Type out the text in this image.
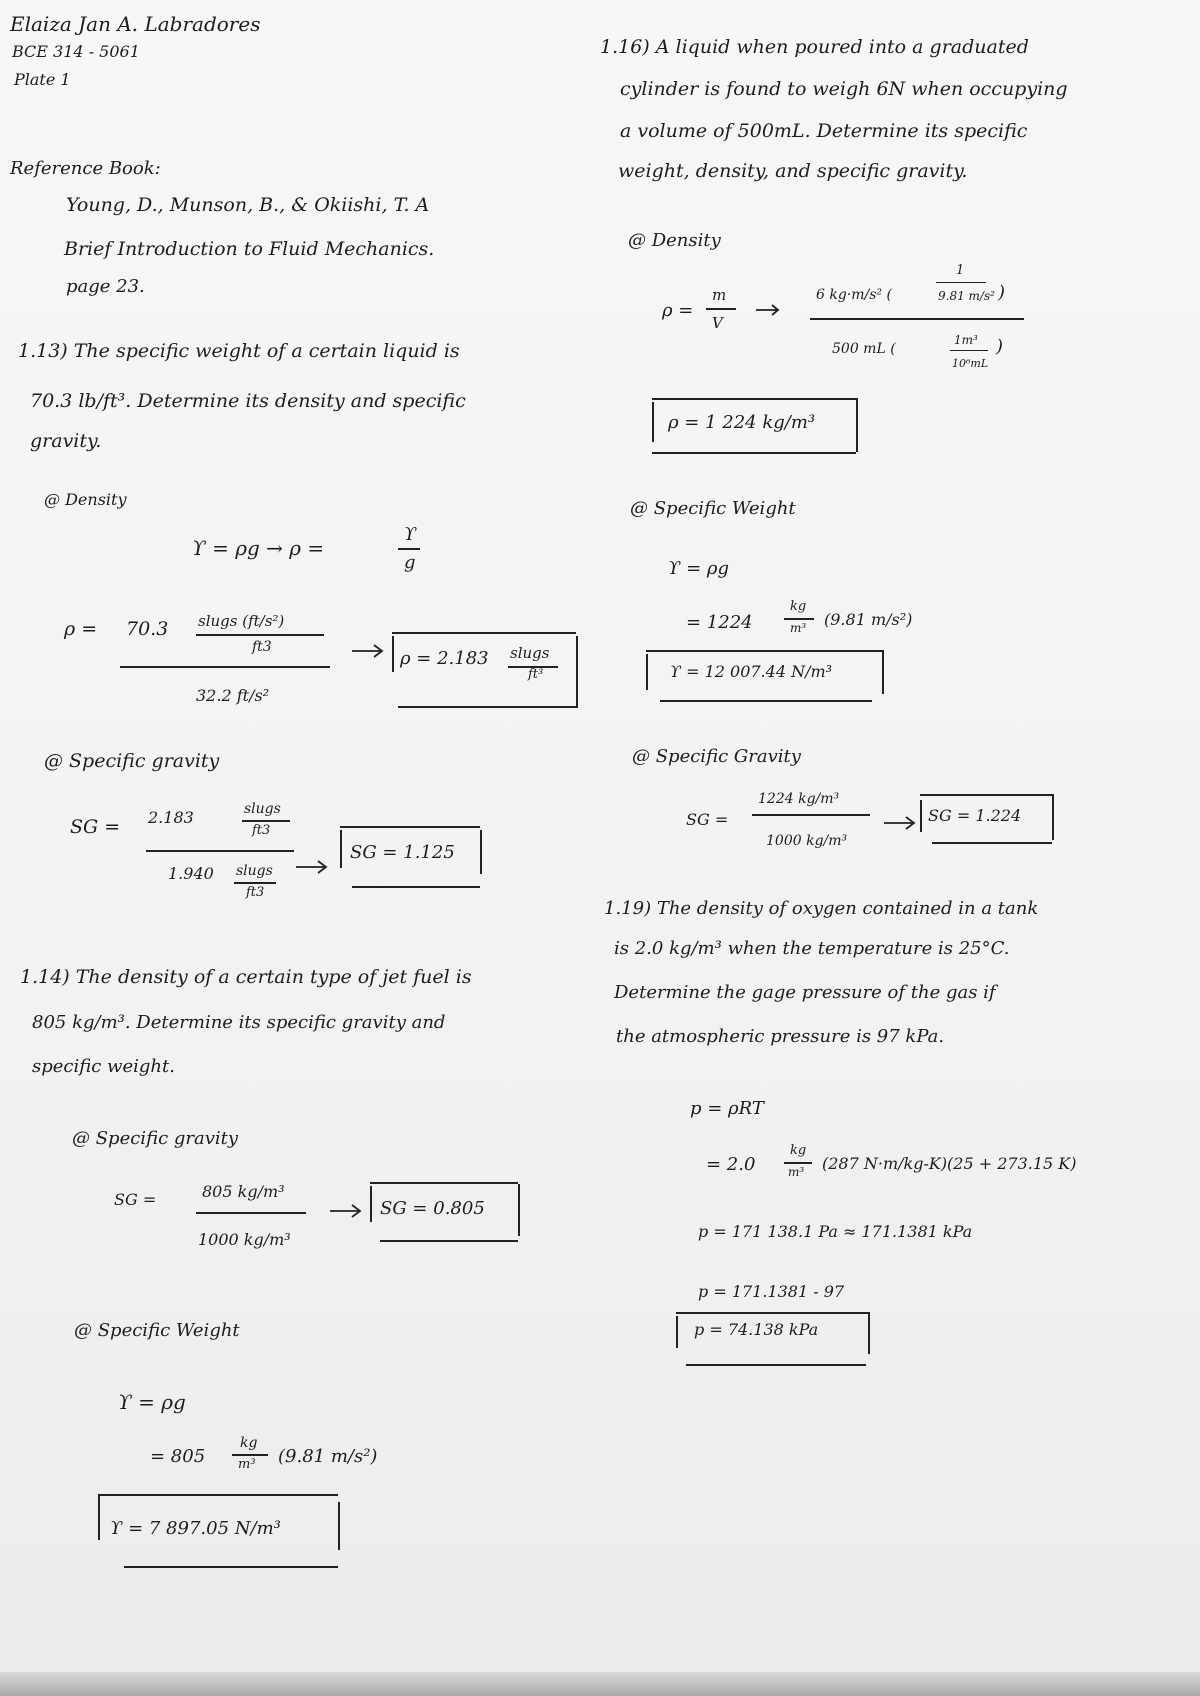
Elaiza Jan A. Labradores
BCE 314 - 5061
Plate 1
Reference Book:
Young, D., Munson, B., & Okiishi, T. A
Brief Introduction to Fluid Mechanics.
page 23.
1.13) The specific weight of a certain liquid is
70.3 lb/ft³. Determine its density and specific
gravity.
@ Density
ϒ = ρg → ρ =
ϒ
g
ρ = 70.3 slugs (ft/s²)
ft3
32.2 ft/s²
ρ = 2.183 slugs
ft³
@ Specific gravity
SG = 2.183	slugs
ft3
1.940 slugs
ft3
SG = 1.125
1.14) The density of a certain type of jet fuel is
805 kg/m³. Determine its specific gravity and
specific weight.
@ Specific gravity
SG =	805 kg/m³
1000 kg/m³
SG = 0.805
@ Specific Weight
ϒ = ρg
= 805
kg
m³ (9.81 m/s²)
ϒ = 7 897.05 N/m³
1.16) A liquid when poured into a graduated
cylinder is found to weigh 6N when occupying
a volume of 500mL. Determine its specific
weight, density, and specific gravity.
@ Density
ρ =
m
V
6 kg·m/s² (
1
9.81 m/s² )
500 mL (
1m³
10⁶mL
)
ρ = 1 224 kg/m³
@ Specific Weight
ϒ = ρg
= 1224
kg
m³ (9.81 m/s²)
ϒ = 12 007.44 N/m³
@ Specific Gravity
SG =
1224 kg/m³
1000 kg/m³
SG = 1.224
1.19) The density of oxygen contained in a tank
is 2.0 kg/m³ when the temperature is 25°C.
Determine the gage pressure of the gas if
the atmospheric pressure is 97 kPa.
p = ρRT
= 2.0
kg
m³ (287 N·m/kg-K)(25 + 273.15 K)
p = 171 138.1 Pa ≈ 171.1381 kPa
p = 171.1381 - 97
p = 74.138 kPa
